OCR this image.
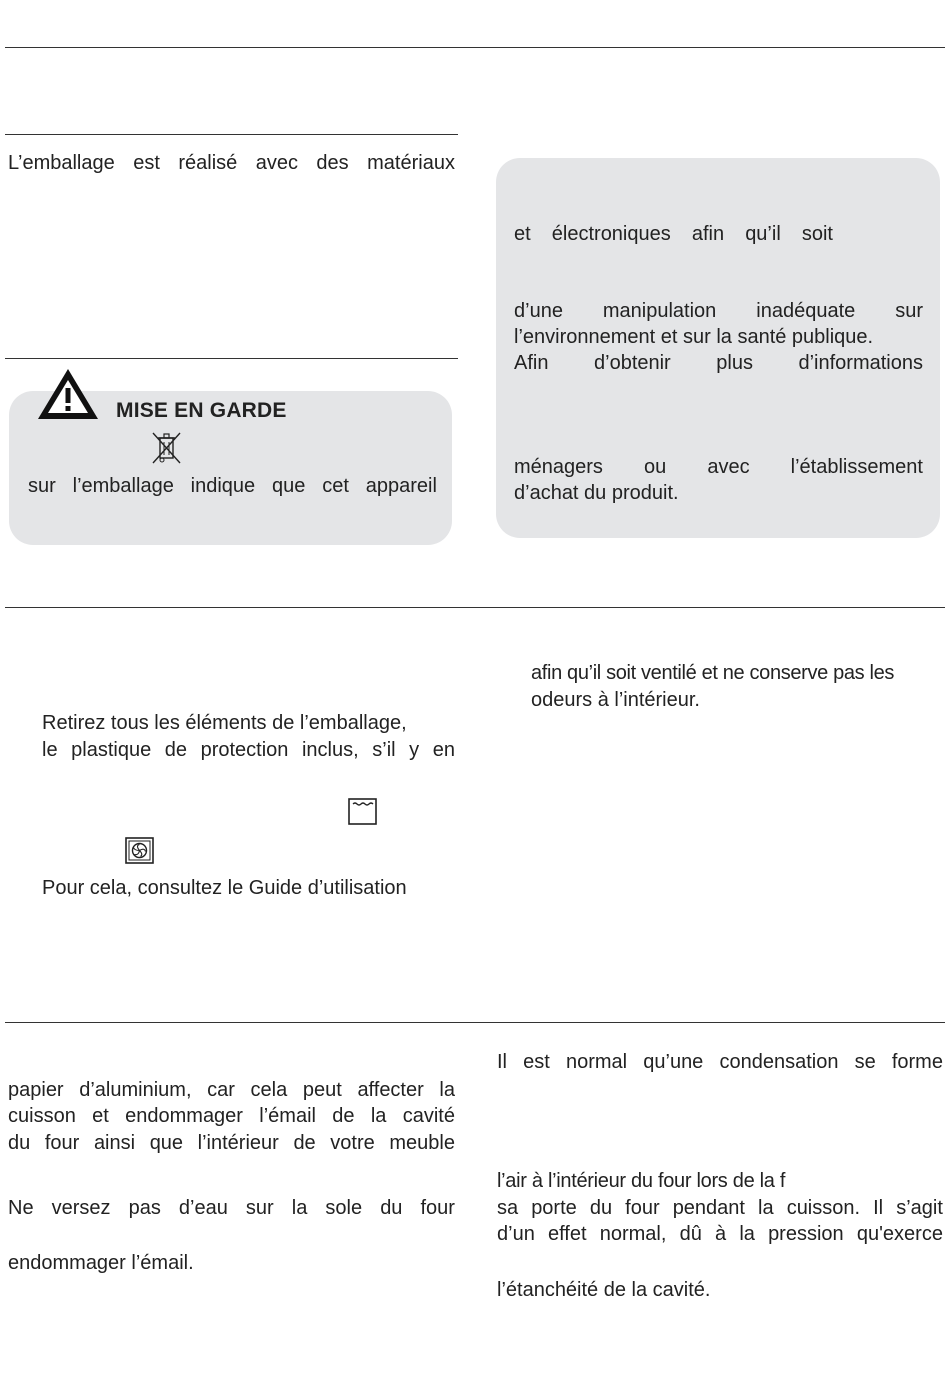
L’emballage est réalisé avec des matériaux
MISE EN GARDE
sur l’emballage indique que cet appareil
et électroniques afin qu’il soit
d’une manipulation inadéquate sur
l’environnement et sur la santé publique.
Afin d’obtenir plus d’informations
ménagers ou avec l’établissement
d’achat du produit.
Retirez tous les éléments de l’emballage,
le plastique de protection inclus, s’il y en
Pour cela, consultez le Guide d’utilisation
afin qu’il soit ventilé et ne conserve pas les
odeurs à l’intérieur.
papier d’aluminium, car cela peut affecter la
cuisson et endommager l’émail de la cavité
du four ainsi que l’intérieur de votre meuble
Ne versez pas d’eau sur la sole du four
endommager l’émail.
Il est normal qu’une condensation se forme
l’air à l’intérieur du four lors de la f
sa porte du four pendant la cuisson. Il s’agit
d’un effet normal, dû à la pression qu'exerce
l’étanchéité de la cavité.
